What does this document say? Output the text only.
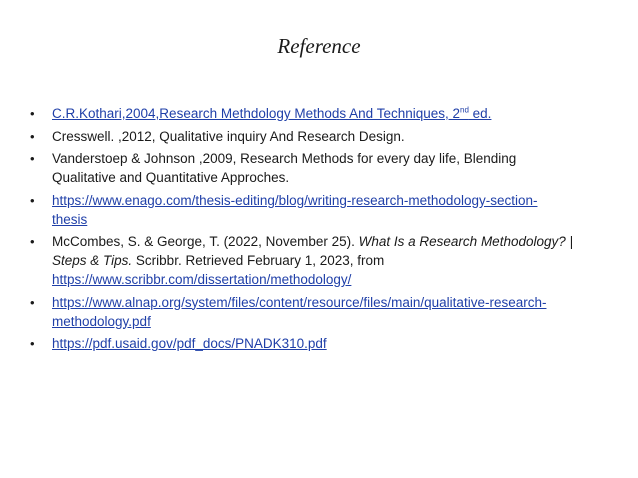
Reference
• C.R.Kothari,2004,Research Methdology Methods And Techniques, 2nd ed.
• Cresswell. ,2012, Qualitative inquiry And Research Design.
• Vanderstoep & Johnson ,2009, Research Methods for every day life, Blending
Qualitative and Quantitative Approches.
• https://www.enago.com/thesis-editing/blog/writing-research-methodology-section-
thesis
• McCombes, S. & George, T. (2022, November 25). What Is a Research Methodology? |
Steps & Tips. Scribbr. Retrieved February 1, 2023, from
https://www.scribbr.com/dissertation/methodology/
• https://www.alnap.org/system/files/content/resource/files/main/qualitative-research-
methodology.pdf
• https://pdf.usaid.gov/pdf_docs/PNADK310.pdf
